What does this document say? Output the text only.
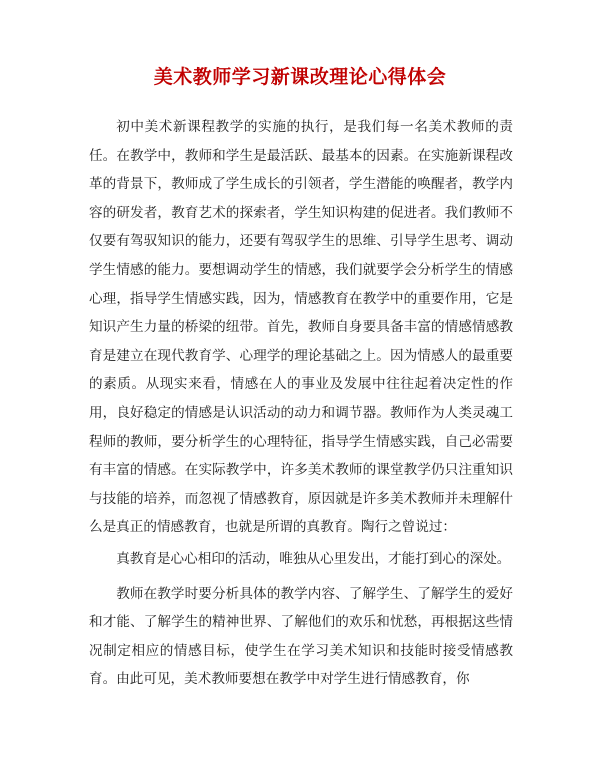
美术教师学习新课改理论心得体会

初中美术新课程教学的实施的执行，是我们每一名美术教师的责任。在教学中，教师和学生是最活跃、最基本的因素。在实施新课程改革的背景下，教师成了学生成长的引领者，学生潜能的唤醒者，教学内容的研发者，教育艺术的探索者，学生知识构建的促进者。我们教师不仅要有驾驭知识的能力，还要有驾驭学生的思维、引导学生思考、调动学生情感的能力。要想调动学生的情感，我们就要学会分析学生的情感心理，指导学生情感实践，因为，情感教育在教学中的重要作用，它是知识产生力量的桥梁的纽带。首先，教师自身要具备丰富的情感情感教育是建立在现代教育学、心理学的理论基础之上。因为情感人的最重要的素质。从现实来看，情感在人的事业及发展中往往起着决定性的作用，良好稳定的情感是认识活动的动力和调节器。教师作为人类灵魂工程师的教师，要分析学生的心理特征，指导学生情感实践，自己必需要有丰富的情感。在实际教学中，许多美术教师的课堂教学仍只注重知识与技能的培养，而忽视了情感教育，原因就是许多美术教师并未理解什么是真正的情感教育，也就是所谓的真教育。陶行之曾说过：

真教育是心心相印的活动，唯独从心里发出，才能打到心的深处。

教师在教学时要分析具体的教学内容、了解学生、了解学生的爱好和才能、了解学生的精神世界、了解他们的欢乐和忧愁，再根据这些情况制定相应的情感目标，使学生在学习美术知识和技能时接受情感教育。由此可见，美术教师要想在教学中对学生进行情感教育，你
